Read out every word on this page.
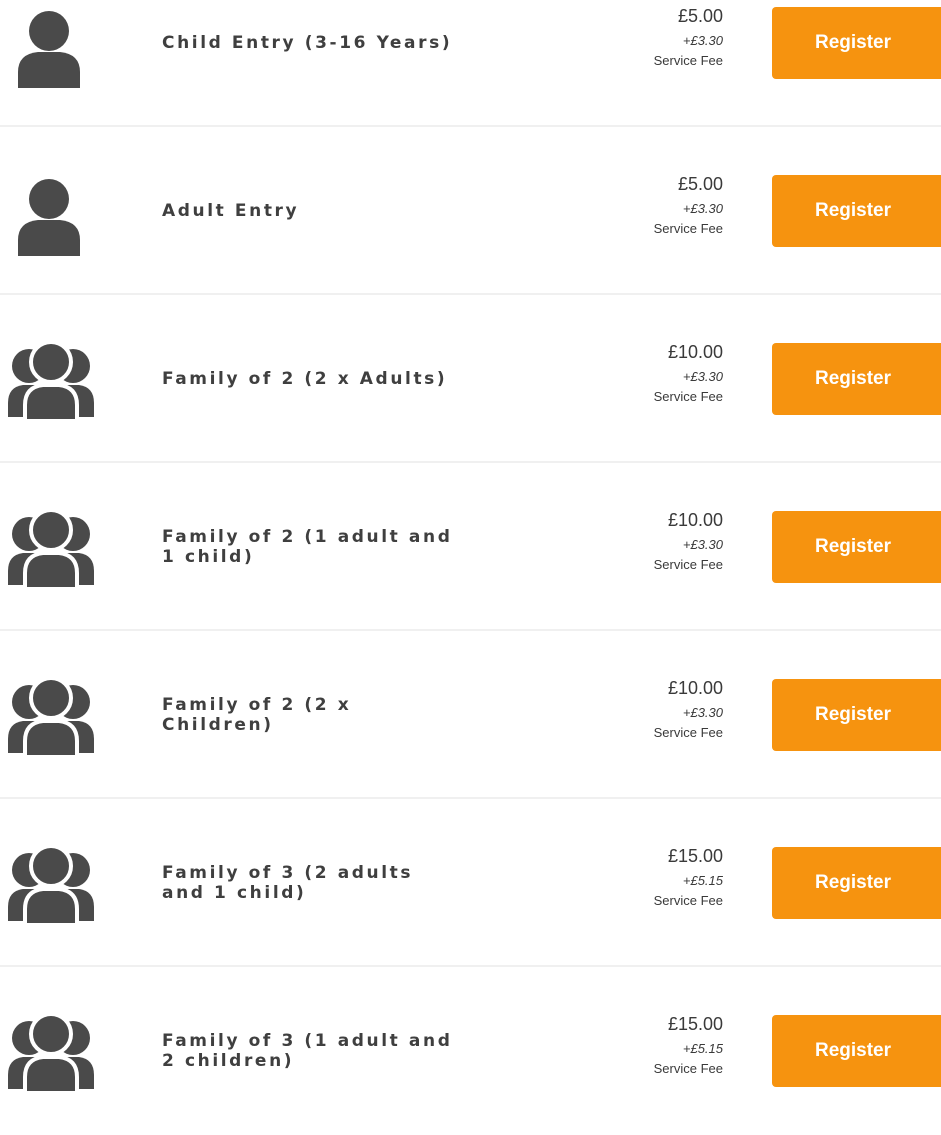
Child Entry (3-16 Years)
£5.00
+£3.30
Service Fee
Register
Adult Entry
£5.00
+£3.30
Service Fee
Register
Family of 2 (2 x Adults)
£10.00
+£3.30
Service Fee
Register
Family of 2 (1 adult and 1 child)
£10.00
+£3.30
Service Fee
Register
Family of 2 (2 x Children)
£10.00
+£3.30
Service Fee
Register
Family of 3 (2 adults and 1 child)
£15.00
+£5.15
Service Fee
Register
Family of 3 (1 adult and 2 children)
£15.00
+£5.15
Service Fee
Register
